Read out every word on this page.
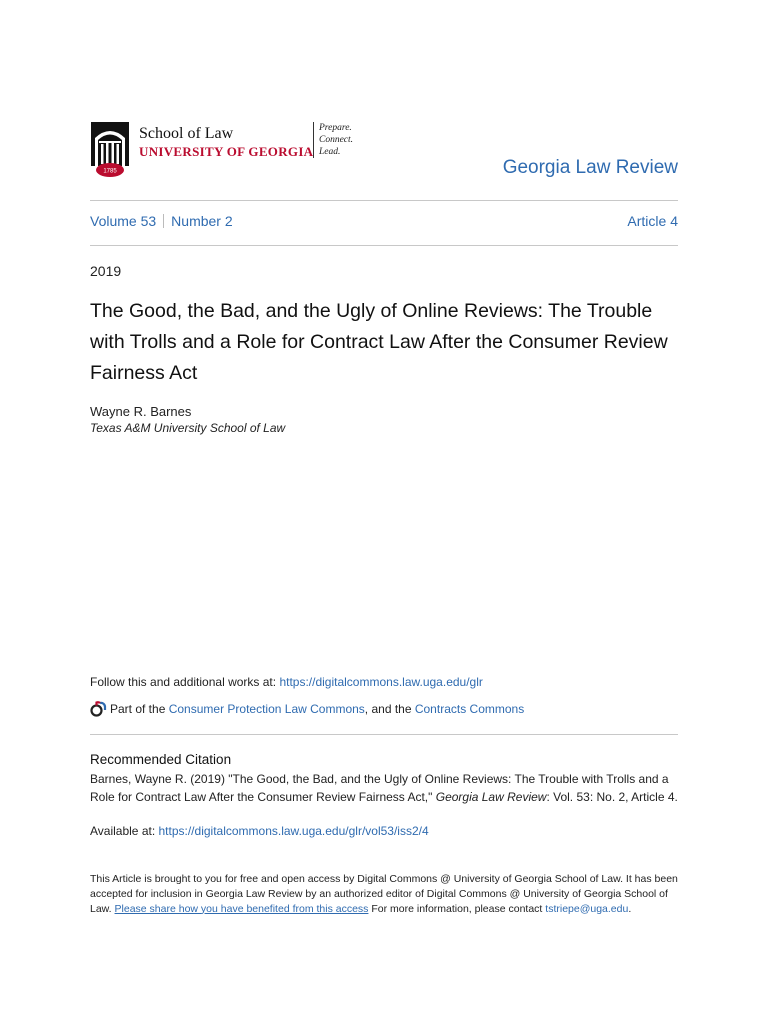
1785
School of Law
UNIVERSITY OF GEORGIA
Prepare.
Connect.
Lead.
Georgia Law Review
Volume 53 Number 2	Article 4
2019
The Good, the Bad, and the Ugly of Online Reviews: The Trouble with Trolls and a Role for Contract Law After the Consumer Review Fairness Act
Wayne R. Barnes
Texas A&M University School of Law
Follow this and additional works at: https://digitalcommons.law.uga.edu/glr
Part of the
Consumer Protection Law Commons , and the Contracts Commons
Recommended Citation
Barnes, Wayne R. (2019) "The Good, the Bad, and the Ugly of Online Reviews: The Trouble with Trolls and a Role for Contract Law After the Consumer Review Fairness Act," Georgia Law Review: Vol. 53: No. 2, Article 4.
Available at: https://digitalcommons.law.uga.edu/glr/vol53/iss2/4
This Article is brought to you for free and open access by Digital Commons @ University of Georgia School of Law. It has been accepted for inclusion in Georgia Law Review by an authorized editor of Digital Commons @ University of Georgia School of Law. Please share how you have benefited from this access For more information, please contact tstriepe@uga.edu.
